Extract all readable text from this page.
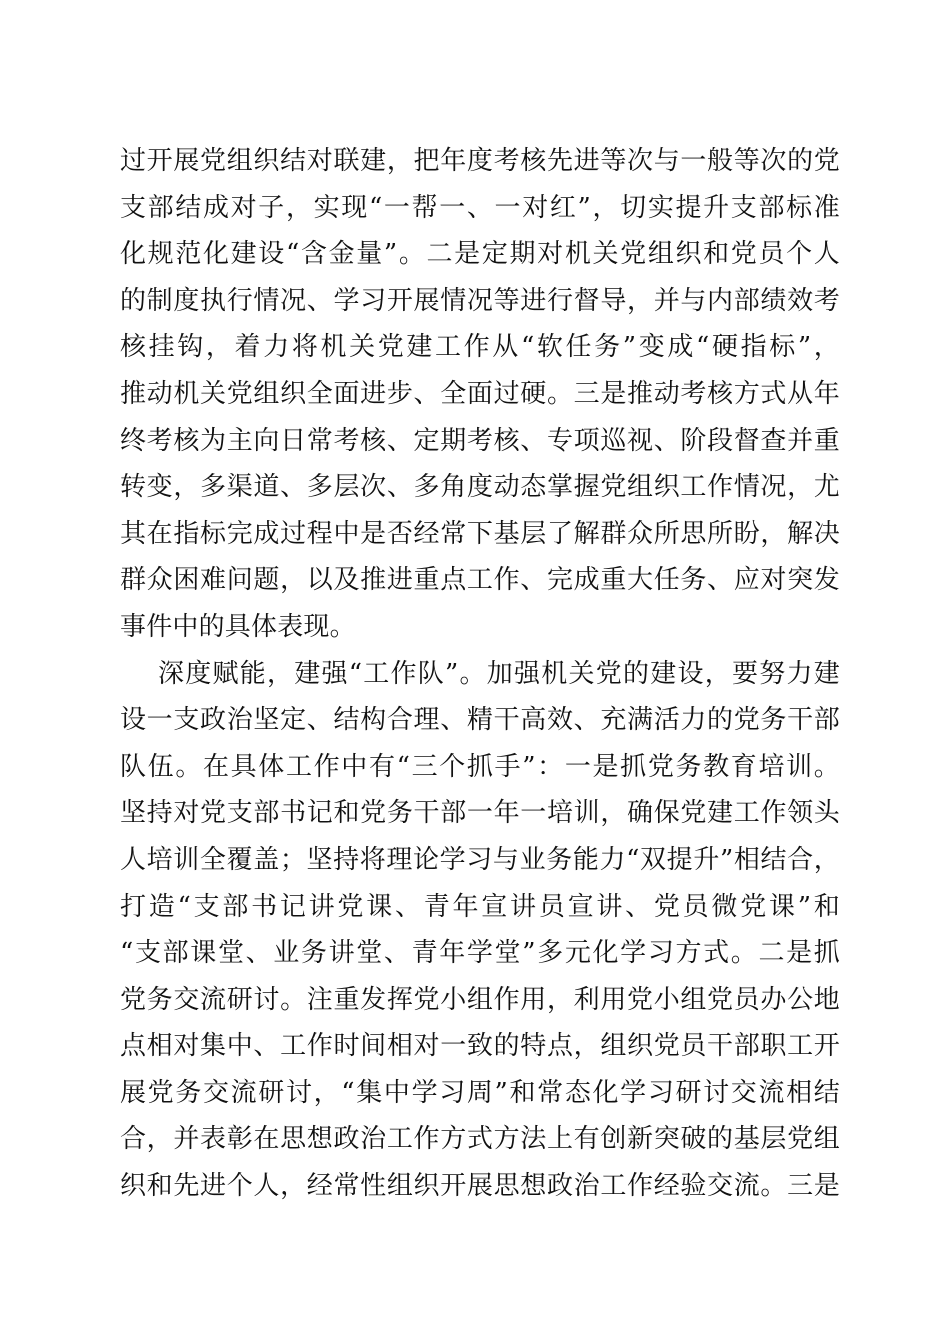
过开展党组织结对联建，把年度考核先进等次与一般等次的党
支部结成对子，实现“一帮一、一对红”，切实提升支部标准
化规范化建设“含金量”。二是定期对机关党组织和党员个人
的制度执行情况、学习开展情况等进行督导，并与内部绩效考
核挂钩，着力将机关党建工作从“软任务”变成“硬指标”，
推动机关党组织全面进步、全面过硬。三是推动考核方式从年
终考核为主向日常考核、定期考核、专项巡视、阶段督查并重
转变，多渠道、多层次、多角度动态掌握党组织工作情况，尤
其在指标完成过程中是否经常下基层了解群众所思所盼，解决
群众困难问题，以及推进重点工作、完成重大任务、应对突发
事件中的具体表现。
深度赋能，建强“工作队”。加强机关党的建设，要努力建
设一支政治坚定、结构合理、精干高效、充满活力的党务干部
队伍。在具体工作中有“三个抓手”：一是抓党务教育培训。
坚持对党支部书记和党务干部一年一培训，确保党建工作领头
人培训全覆盖；坚持将理论学习与业务能力“双提升”相结合，
打造“支部书记讲党课、青年宣讲员宣讲、党员微党课”和
“支部课堂、业务讲堂、青年学堂”多元化学习方式。二是抓
党务交流研讨。注重发挥党小组作用，利用党小组党员办公地
点相对集中、工作时间相对一致的特点，组织党员干部职工开
展党务交流研讨，“集中学习周”和常态化学习研讨交流相结
合，并表彰在思想政治工作方式方法上有创新突破的基层党组
织和先进个人，经常性组织开展思想政治工作经验交流。三是
